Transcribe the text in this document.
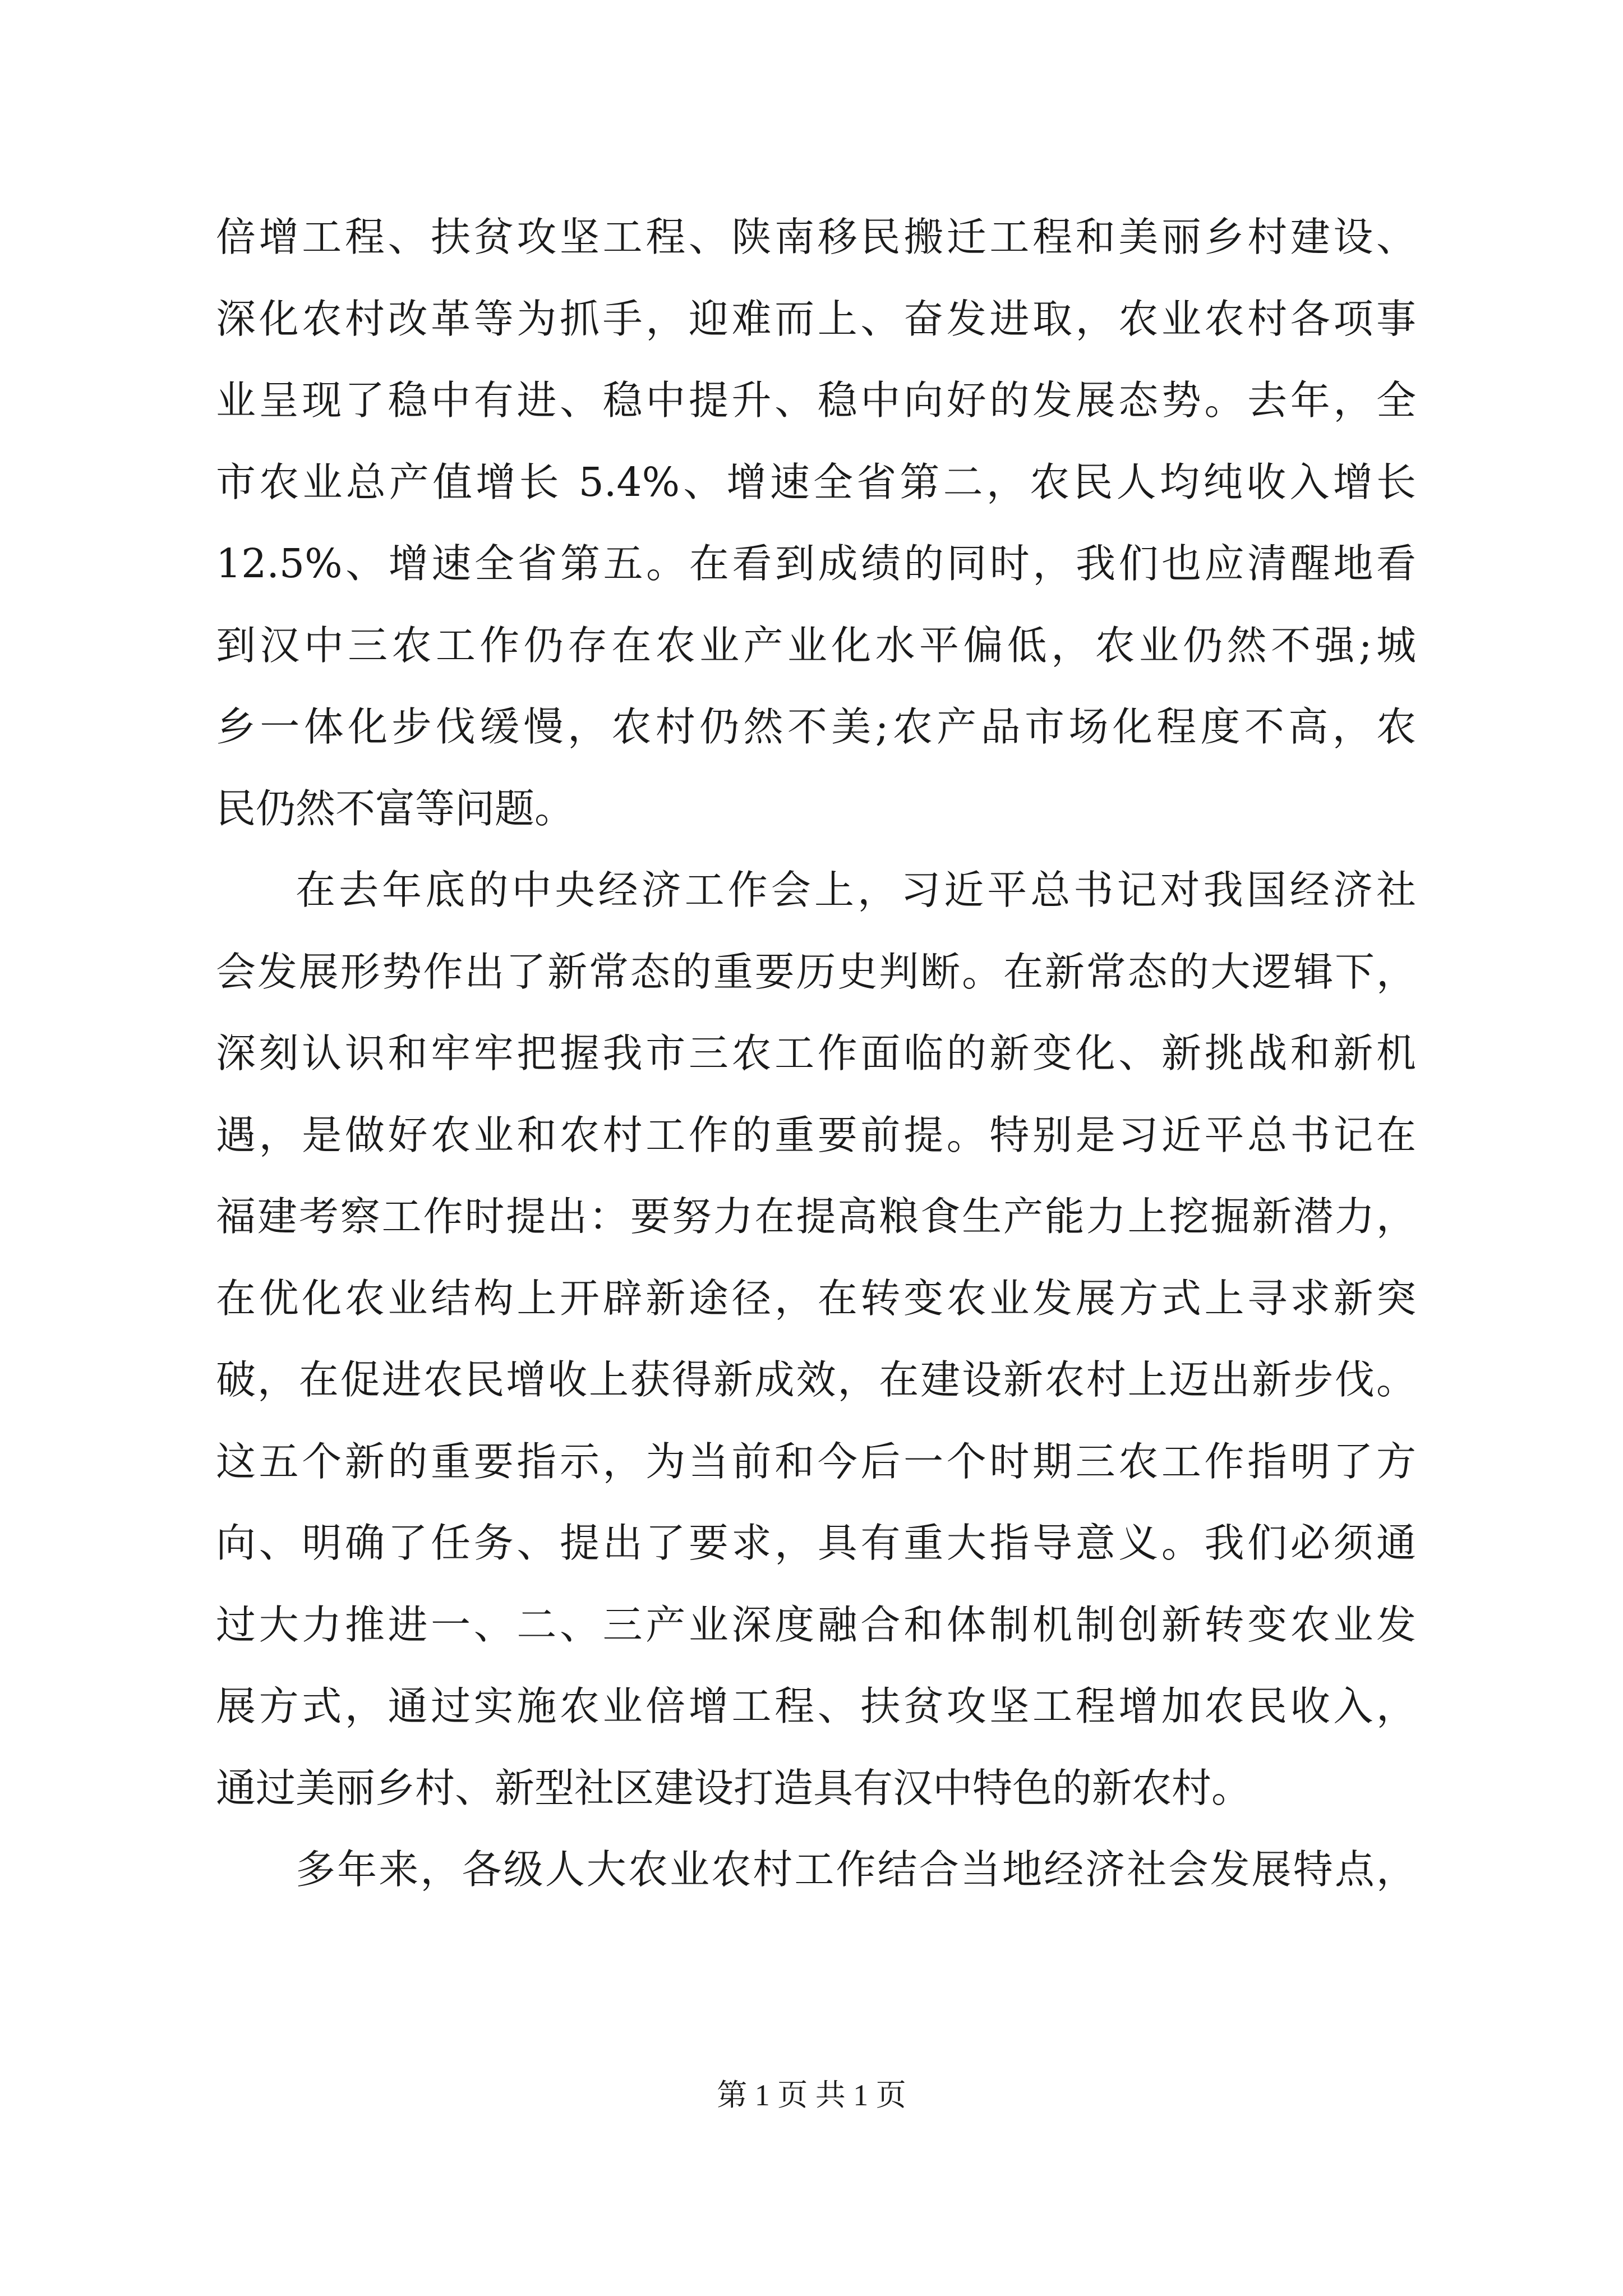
倍增工程、扶贫攻坚工程、陕南移民搬迁工程和美丽乡村建设、
深化农村改革等为抓手，迎难而上、奋发进取，农业农村各项事
业呈现了稳中有进、稳中提升、稳中向好的发展态势。去年，全
市农业总产值增长 5.4%、增速全省第二，农民人均纯收入增长
12.5%、增速全省第五。在看到成绩的同时，我们也应清醒地看
到汉中三农工作仍存在农业产业化水平偏低，农业仍然不强;城
乡一体化步伐缓慢，农村仍然不美;农产品市场化程度不高，农
民仍然不富等问题。
在去年底的中央经济工作会上，习近平总书记对我国经济社
会发展形势作出了新常态的重要历史判断。在新常态的大逻辑下，
深刻认识和牢牢把握我市三农工作面临的新变化、新挑战和新机
遇，是做好农业和农村工作的重要前提。特别是习近平总书记在
福建考察工作时提出：要努力在提高粮食生产能力上挖掘新潜力，
在优化农业结构上开辟新途径，在转变农业发展方式上寻求新突
破，在促进农民增收上获得新成效，在建设新农村上迈出新步伐。
这五个新的重要指示，为当前和今后一个时期三农工作指明了方
向、明确了任务、提出了要求，具有重大指导意义。我们必须通
过大力推进一、二、三产业深度融合和体制机制创新转变农业发
展方式，通过实施农业倍增工程、扶贫攻坚工程增加农民收入，
通过美丽乡村、新型社区建设打造具有汉中特色的新农村。
多年来，各级人大农业农村工作结合当地经济社会发展特点，
第 1 页 共 1 页
